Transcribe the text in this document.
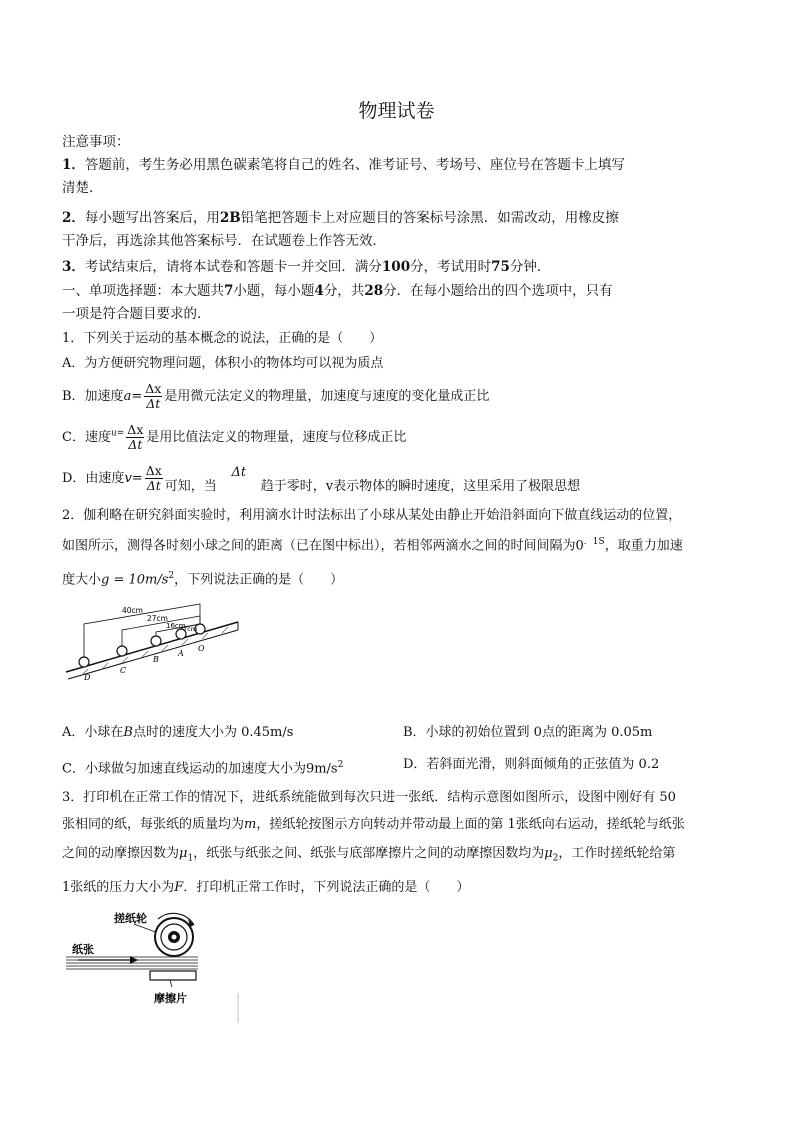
物理试卷
注意事项：
1．答题前，考生务必用黑色碳素笔将自己的姓名、准考证号、考场号、座位号在答题卡上填写
清楚．
2．每小题写出答案后，用2B铅笔把答题卡上对应题目的答案标号涂黑．如需改动，用橡皮擦
干净后，再选涂其他答案标号．在试题卷上作答无效．
3．考试结束后，请将本试卷和答题卡一并交回．满分100分，考试用时75分钟．
一、单项选择题：本大题共7小题，每小题4分，共28分．在每小题给出的四个选项中，只有
一项是符合题目要求的．
1．下列关于运动的基本概念的说法，正确的是（　　）
A．为方便研究物理问题，体积小的物体均可以视为质点
B．加速度$a= \frac{\Delta x}{\Delta t}$ 是用微元法定义的物理量，加速度与速度的变化量成正比
C．速度$^{u=} \frac{\Delta x}{\Delta t}$ 是用比值法定义的物理量，速度与位移成正比
D．由速度$v= \frac{\Delta x}{\Delta t}$ 可知，当Δt趋于零时，v表示物体的瞬时速度，这里采用了极限思想
2．伽利略在研究斜面实验时，利用滴水计时法标出了小球从某处由静止开始沿斜面向下做直线运动的位置，
如图所示，测得各时刻小球之间的距离（已在图中标出），若相邻两滴水之间的时间间隔为$0^{.1S}$，取重力加速
度大小$g = 10m/s^2$，下列说法正确的是（　　）
40cm
27cm
16cm
7cm
D
C
B
A
O
A．小球在B点时的速度大小为 0.45m/s	B．小球的初始位置到 0点的距离为 0.05m
C．小球做匀加速直线运动的加速度大小为$9m/s^2$	D．若斜面光滑，则斜面倾角的正弦值为 0.2
3．打印机在正常工作的情况下，进纸系统能做到每次只进一张纸．结构示意图如图所示，设图中刚好有 50
张相同的纸，每张纸的质量均为m，搓纸轮按图示方向转动并带动最上面的第 1张纸向右运动，搓纸轮与纸张
之间的动摩擦因数为$\mu_1$，纸张与纸张之间、纸张与底部摩擦片之间的动摩擦因数均为$\mu_2$，工作时搓纸轮给第
1张纸的压力大小为F．打印机正常工作时，下列说法正确的是（　　）
搓纸轮
纸张
摩擦片
